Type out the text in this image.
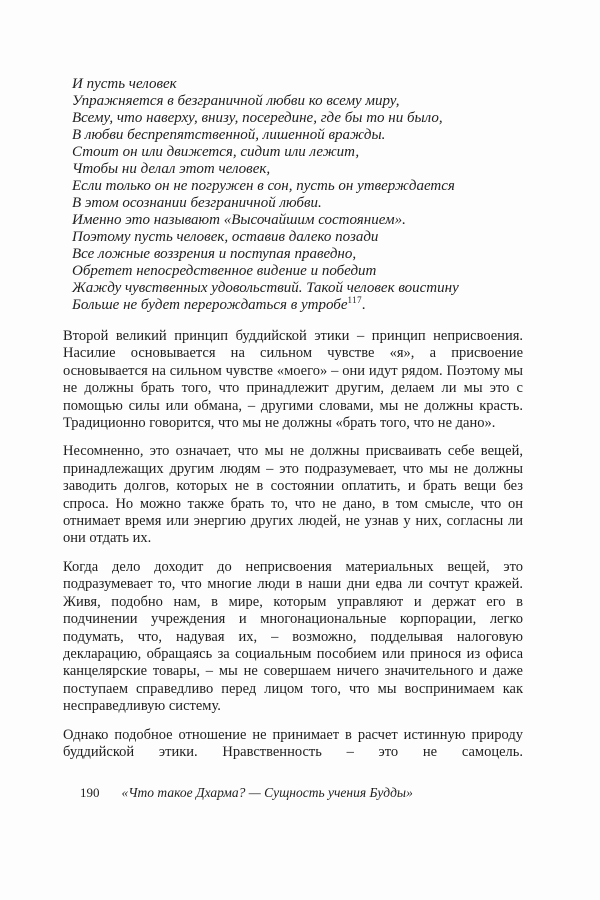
И пусть человек
Упражняется в безграничной любви ко всему миру,
Всему, что наверху, внизу, посередине, где бы то ни было,
В любви беспрепятственной, лишенной вражды.
Стоит он или движется, сидит или лежит,
Чтобы ни делал этот человек,
Если только он не погружен в сон, пусть он утверждается
В этом осознании безграничной любви.
Именно это называют «Высочайшим состоянием».
Поэтому пусть человек, оставив далеко позади
Все ложные воззрения и поступая праведно,
Обретет непосредственное видение и победит
Жажду чувственных удовольствий. Такой человек воистину
Больше не будет перерождаться в утробе$^{117}$.

Второй великий принцип буддийской этики – принцип неприсвоения. Насилие основывается на сильном чувстве «я», а присвоение основывается на сильном чувстве «моего» – они идут рядом. Поэтому мы не должны брать того, что принадлежит другим, делаем ли мы это с помощью силы или обмана, – другими словами, мы не должны красть. Традиционно говорится, что мы не должны «брать того, что не дано».

Несомненно, это означает, что мы не должны присваивать себе вещей, принадлежащих другим людям – это подразумевает, что мы не должны заводить долгов, которых не в состоянии оплатить, и брать вещи без спроса. Но можно также брать то, что не дано, в том смысле, что он отнимает время или энергию других людей, не узнав у них, согласны ли они отдать их.

Когда дело доходит до неприсвоения материальных вещей, это подразумевает то, что многие люди в наши дни едва ли сочтут кражей. Живя, подобно нам, в мире, которым управляют и держат его в подчинении учреждения и многонациональные корпорации, легко подумать, что, надувая их, – возможно, подделывая налоговую декларацию, обращаясь за социальным пособием или принося из офиса канцелярские товары, – мы не совершаем ничего значительного и даже поступаем справедливо перед лицом того, что мы воспринимаем как несправедливую систему.

Однако подобное отношение не принимает в расчет истинную природу буддийской этики. Нравственность – это не самоцель.

190 «Что такое Дхарма? — Сущность учения Будды»
